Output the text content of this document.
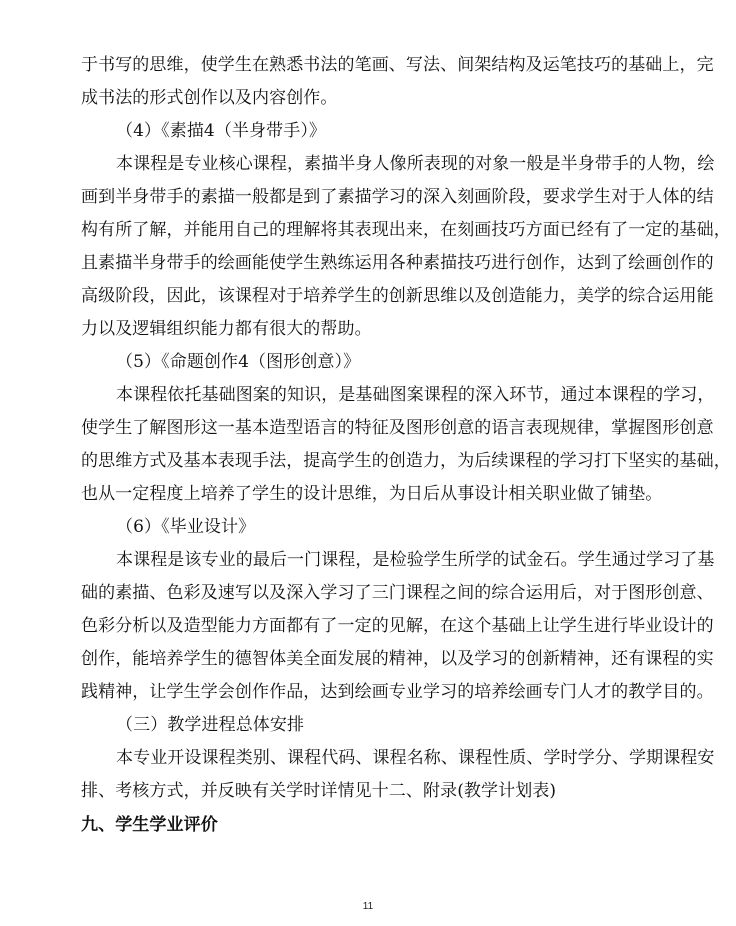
于书写的思维，使学生在熟悉书法的笔画、写法、间架结构及运笔技巧的基础上，完
成书法的形式创作以及内容创作。
（4）《素描4（半身带手）》
本课程是专业核心课程，素描半身人像所表现的对象一般是半身带手的人物，绘
画到半身带手的素描一般都是到了素描学习的深入刻画阶段，要求学生对于人体的结
构有所了解，并能用自己的理解将其表现出来，在刻画技巧方面已经有了一定的基础，
且素描半身带手的绘画能使学生熟练运用各种素描技巧进行创作，达到了绘画创作的
高级阶段，因此，该课程对于培养学生的创新思维以及创造能力，美学的综合运用能
力以及逻辑组织能力都有很大的帮助。
（5）《命题创作4（图形创意）》
本课程依托基础图案的知识，是基础图案课程的深入环节，通过本课程的学习，
使学生了解图形这一基本造型语言的特征及图形创意的语言表现规律，掌握图形创意
的思维方式及基本表现手法，提高学生的创造力，为后续课程的学习打下坚实的基础，
也从一定程度上培养了学生的设计思维，为日后从事设计相关职业做了铺垫。
（6）《毕业设计》
本课程是该专业的最后一门课程，是检验学生所学的试金石。学生通过学习了基
础的素描、色彩及速写以及深入学习了三门课程之间的综合运用后，对于图形创意、
色彩分析以及造型能力方面都有了一定的见解，在这个基础上让学生进行毕业设计的
创作，能培养学生的德智体美全面发展的精神，以及学习的创新精神，还有课程的实
践精神，让学生学会创作作品，达到绘画专业学习的培养绘画专门人才的教学目的。
（三）教学进程总体安排
本专业开设课程类别、课程代码、课程名称、课程性质、学时学分、学期课程安
排、考核方式，并反映有关学时详情见十二、附录(教学计划表)
九、学生学业评价
11
